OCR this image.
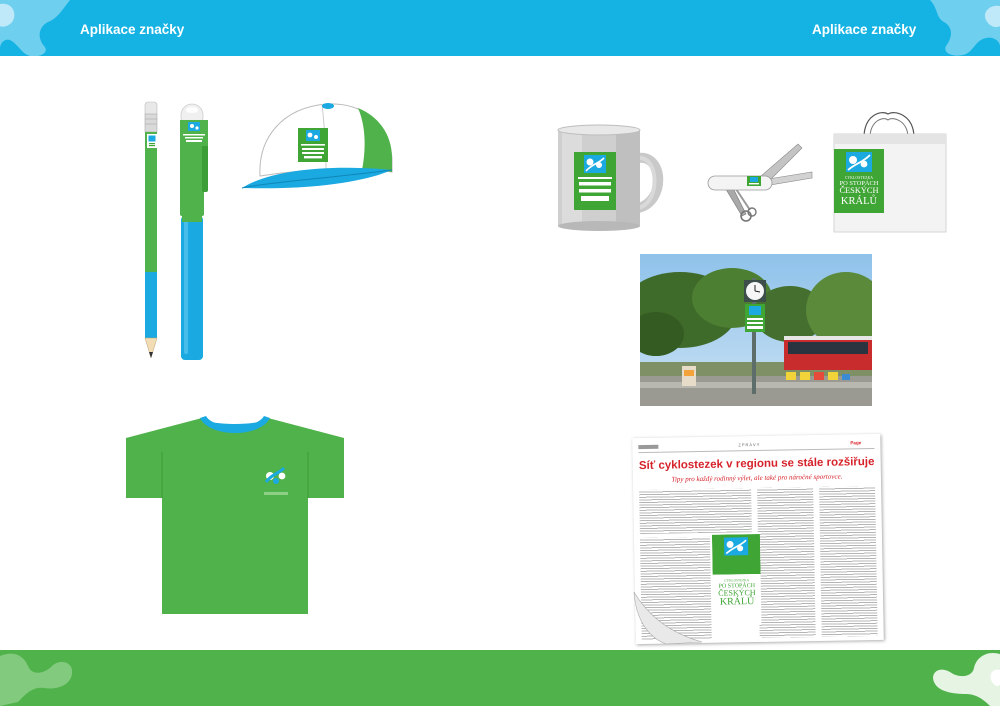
Aplikace značky	Aplikace značky
CYKLOSTEZKA
PO STOPÁCH
ČESKÝCH
KRÁLŮ
ZPRÁVY	Page
Síť cyklostezek v regionu se stále rozšiřuje
Tipy pro každý rodinný výlet, ale také pro náročné sportovce.
CYKLOSTEZKA
PO STOPÁCH
ČESKÝCH
KRÁLŮ
